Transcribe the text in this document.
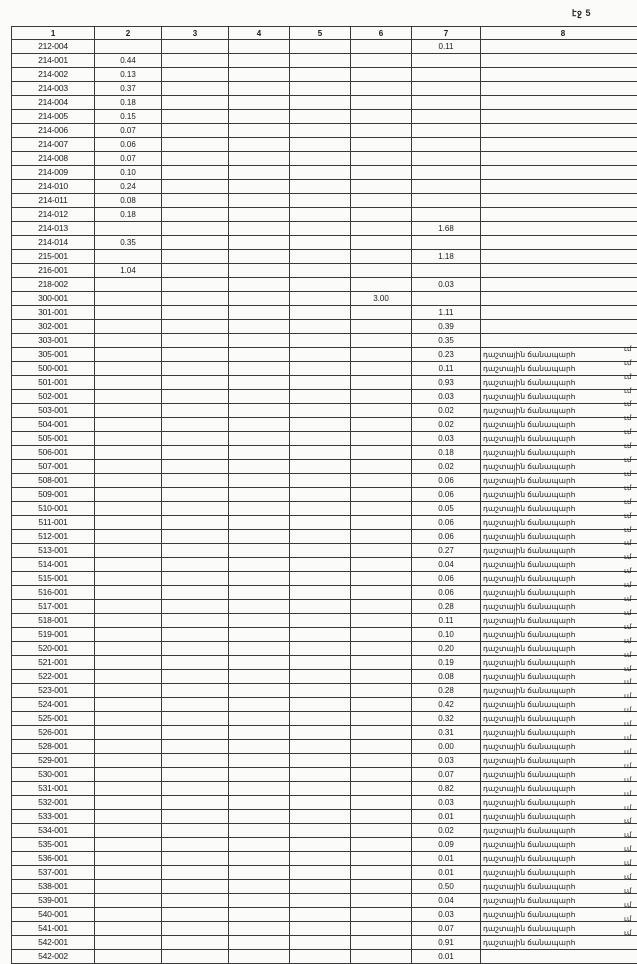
էջ 5
1	2	3	4	5	6	7	8
212-004						0.11	
214-001	0.44						
214-002	0.13						
214-003	0.37						
214-004	0.18						
214-005	0.15						
214-006	0.07						
214-007	0.06						
214-008	0.07						
214-009	0.10						
214-010	0.24						
214-011	0.08						
214-012	0.18						
214-013						1.68	
214-014	0.35						
215-001						1.18	
216-001	1.04						
218-002						0.03	
300-001					3.00		
301-001						1.11	
302-001						0.39	
303-001						0.35	
305-001						0.23	դաշտային ճանապարհ
500-001						0.11	դաշտային ճանապարհ
501-001						0.93	դաշտային ճանապարհ
502-001						0.03	դաշտային ճանապարհ
503-001						0.02	դաշտային ճանապարհ
504-001						0.02	դաշտային ճանապարհ
505-001						0.03	դաշտային ճանապարհ
506-001						0.18	դաշտային ճանապարհ
507-001						0.02	դաշտային ճանապարհ
508-001						0.06	դաշտային ճանապարհ
509-001						0.06	դաշտային ճանապարհ
510-001						0.05	դաշտային ճանապարհ
511-001						0.06	դաշտային ճանապարհ
512-001						0.06	դաշտային ճանապարհ
513-001						0.27	դաշտային ճանապարհ
514-001						0.04	դաշտային ճանապարհ
515-001						0.06	դաշտային ճանապարհ
516-001						0.06	դաշտային ճանապարհ
517-001						0.28	դաշտային ճանապարհ
518-001						0.11	դաշտային ճանապարհ
519-001						0.10	դաշտային ճանապարհ
520-001						0.20	դաշտային ճանապարհ
521-001						0.19	դաշտային ճանապարհ
522-001						0.08	դաշտային ճանապարհ
523-001						0.28	դաշտային ճանապարհ
524-001						0.42	դաշտային ճանապարհ
525-001						0.32	դաշտային ճանապարհ
526-001						0.31	դաշտային ճանապարհ
528-001						0.00	դաշտային ճանապարհ
529-001						0.03	դաշտային ճանապարհ
530-001						0.07	դաշտային ճանապարհ
531-001						0.82	դաշտային ճանապարհ
532-001						0.03	դաշտային ճանապարհ
533-001						0.01	դաշտային ճանապարհ
534-001						0.02	դաշտային ճանապարհ
535-001						0.09	դաշտային ճանապարհ
536-001						0.01	դաշտային ճանապարհ
537-001						0.01	դաշտային ճանապարհ
538-001						0.50	դաշտային ճանապարհ
539-001						0.04	դաշտային ճանապարհ
540-001						0.03	դաշտային ճանապարհ
541-001						0.07	դաշտային ճանապարհ
542-001						0.91	դաշտային ճանապարհ
542-002						0.01	
ւմ
ւմ
ւմ
ւմ
ւմ
ւմ
ւմ
ւմ
ւմ
ւմ
ւմ
ւմ
ւմ
ւմ
ւմ
ւմ
ւմ
ւմ
ւմ
ւմ
ւմ
ւմ
ւմ
ւմ
ւմ
ւմ
ւմ
ւմ
ւմ
ւմ
ւմ
ւմ
ւմ
ւմ
ւմ
ւմ
ւմ
ւմ
ւմ
ւմ
ւմ
ւմ
ւմ
